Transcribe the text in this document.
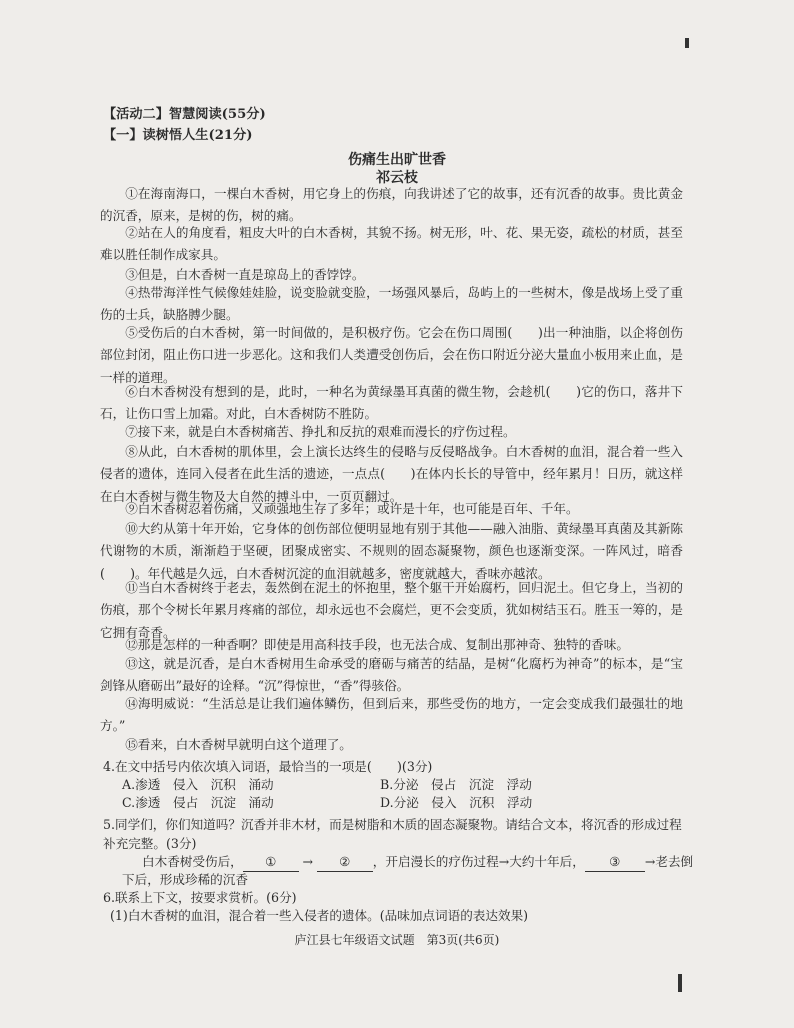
【活动二】智慧阅读(55分)
【一】读树悟人生(21分)
伤痛生出旷世香
祁云枝
①在海南海口，一棵白木香树，用它身上的伤痕，向我讲述了它的故事，还有沉香的故事。贵比黄金的沉香，原来，是树的伤，树的痛。
②站在人的角度看，粗皮大叶的白木香树，其貌不扬。树无形，叶、花、果无姿，疏松的材质，甚至难以胜任制作成家具。
③但是，白木香树一直是琼岛上的香饽饽。
④热带海洋性气候像娃娃脸，说变脸就变脸，一场强风暴后，岛屿上的一些树木，像是战场上受了重伤的士兵，缺胳膊少腿。
⑤受伤后的白木香树，第一时间做的，是积极疗伤。它会在伤口周围(　　)出一种油脂，以企将创伤部位封闭，阻止伤口进一步恶化。这和我们人类遭受创伤后，会在伤口附近分泌大量血小板用来止血，是一样的道理。
⑥白木香树没有想到的是，此时，一种名为黄绿墨耳真菌的微生物，会趁机(　　)它的伤口，落井下石，让伤口雪上加霜。对此，白木香树防不胜防。
⑦接下来，就是白木香树痛苦、挣扎和反抗的艰难而漫长的疗伤过程。
⑧从此，白木香树的肌体里，会上演长达终生的侵略与反侵略战争。白木香树的血泪，混合着一些入侵者的遗体，连同入侵者在此生活的遗迹，一点点(　　)在体内长长的导管中，经年累月！日历，就这样在白木香树与微生物及大自然的搏斗中，一页页翻过。
⑨白木香树忍着伤痛，又顽强地生存了多年；或许是十年，也可能是百年、千年。
⑩大约从第十年开始，它身体的创伤部位便明显地有别于其他——融入油脂、黄绿墨耳真菌及其新陈代谢物的木质，渐渐趋于坚硬，团聚成密实、不规则的固态凝聚物，颜色也逐渐变深。一阵风过，暗香(　　)。年代越是久远，白木香树沉淀的血泪就越多，密度就越大，香味亦越浓。
⑪当白木香树终于老去，轰然倒在泥土的怀抱里，整个躯干开始腐朽，回归泥土。但它身上，当初的伤痕，那个令树长年累月疼痛的部位，却永远也不会腐烂，更不会变质，犹如树结玉石。胜玉一筹的，是它拥有奇香。
⑫那是怎样的一种香啊？即使是用高科技手段，也无法合成、复制出那神奇、独特的香味。
⑬这，就是沉香，是白木香树用生命承受的磨砺与痛苦的结晶，是树“化腐朽为神奇”的标本，是“宝剑锋从磨砺出”最好的诠释。“沉”得惊世，“香”得骇俗。
⑭海明威说：“生活总是让我们遍体鳞伤，但到后来，那些受伤的地方，一定会变成我们最强壮的地方。”
⑮看来，白木香树早就明白这个道理了。
4.在文中括号内依次填入词语，最恰当的一项是(　　)(3分)
A.渗透　侵入　沉积　涌动	B.分泌　侵占　沉淀　浮动
C.渗透　侵占　沉淀　涌动	D.分泌　侵入　沉积　浮动
5.同学们，你们知道吗？沉香并非木材，而是树脂和木质的固态凝聚物。请结合文本，将沉香的形成过程补充完整。(3分)
白木香树受伤后， ① → ② ，开启漫长的疗伤过程→大约十年后， ③ →老去倒
下后，形成珍稀的沉香
6.联系上下文，按要求赏析。(6分)
(1)白木香树的血泪，混合着一些入侵者的遗体。(品味加点词语的表达效果)
庐江县七年级语文试题　第3页(共6页)
